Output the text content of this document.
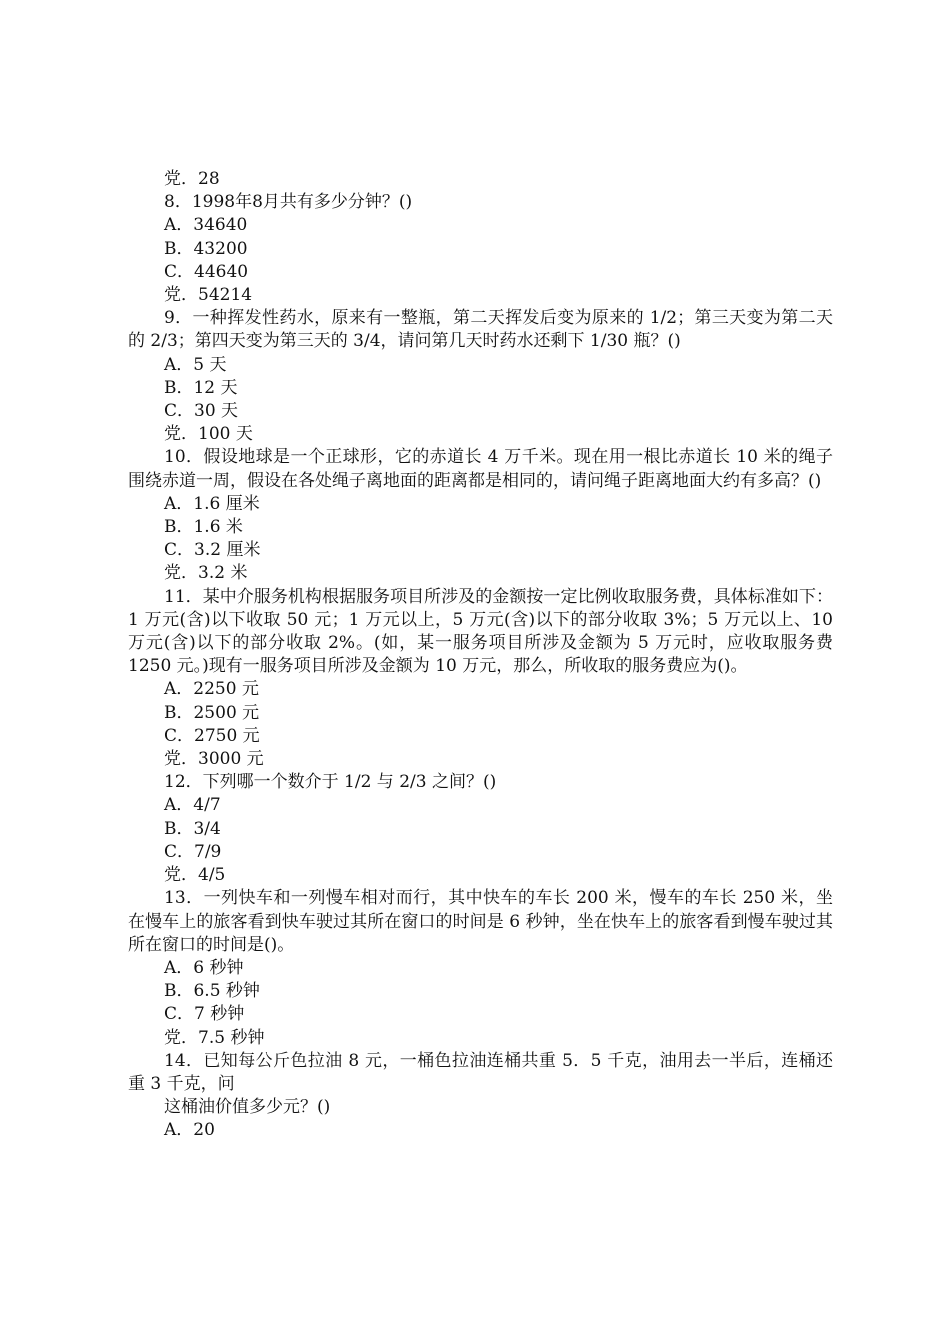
党．28
8．1998年8月共有多少分钟？()
A．34640
B．43200
C．44640
党．54214
9．一种挥发性药水，原来有一整瓶，第二天挥发后变为原来的 1/2；第三天变为第二天的 2/3；第四天变为第三天的 3/4，请问第几天时药水还剩下 1/30 瓶？()
A．5 天
B．12 天
C．30 天
党．100 天
10．假设地球是一个正球形，它的赤道长 4 万千米。现在用一根比赤道长 10 米的绳子围绕赤道一周，假设在各处绳子离地面的距离都是相同的，请问绳子距离地面大约有多高？()
A．1.6 厘米
B．1.6 米
C．3.2 厘米
党．3.2 米
11．某中介服务机构根据服务项目所涉及的金额按一定比例收取服务费，具体标准如下：1 万元(含)以下收取 50 元；1 万元以上，5 万元(含)以下的部分收取 3%；5 万元以上、10 万元(含)以下的部分收取 2%。(如，某一服务项目所涉及金额为 5 万元时，应收取服务费 1250 元。)现有一服务项目所涉及金额为 10 万元，那么，所收取的服务费应为()。
A．2250 元
B．2500 元
C．2750 元
党．3000 元
12．下列哪一个数介于 1/2 与 2/3 之间？()
A．4/7
B．3/4
C．7/9
党．4/5
13．一列快车和一列慢车相对而行，其中快车的车长 200 米，慢车的车长 250 米，坐在慢车上的旅客看到快车驶过其所在窗口的时间是 6 秒钟，坐在快车上的旅客看到慢车驶过其所在窗口的时间是()。
A．6 秒钟
B．6.5 秒钟
C．7 秒钟
党．7.5 秒钟
14．已知每公斤色拉油 8 元，一桶色拉油连桶共重 5．5 千克，油用去一半后，连桶还重 3 千克，问
这桶油价值多少元？()
A．20
